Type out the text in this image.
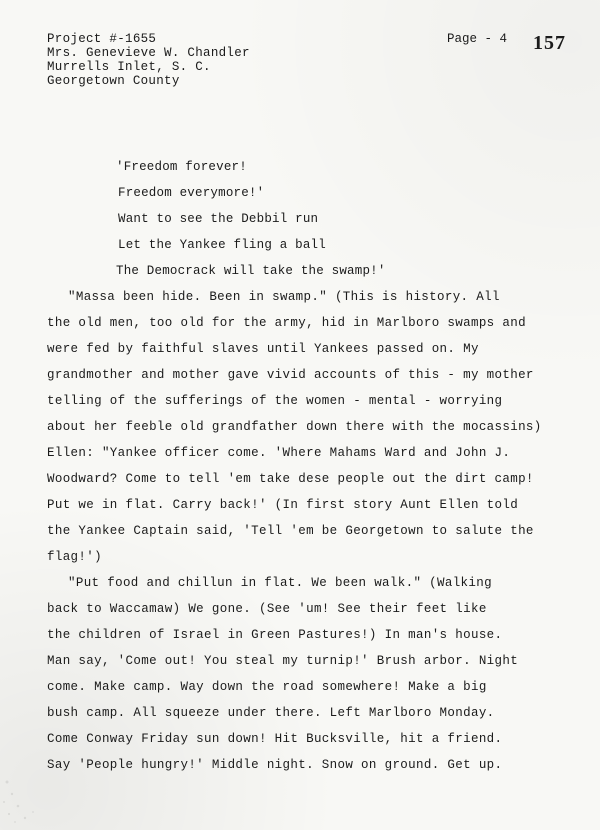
Project #-1655
Mrs. Genevieve W. Chandler
Murrells Inlet, S. C.
Georgetown County
Page - 4 157
'Freedom forever!
Freedom everymore!'
Want to see the Debbil run
Let the Yankee fling a ball
The Democrack will take the swamp!'
"Massa been hide. Been in swamp." (This is history. All
the old men, too old for the army, hid in Marlboro swamps and
were fed by faithful slaves until Yankees passed on. My
grandmother and mother gave vivid accounts of this - my mother
telling of the sufferings of the women - mental - worrying
about her feeble old grandfather down there with the mocassins)
Ellen: "Yankee officer come. 'Where Mahams Ward and John J.
Woodward? Come to tell 'em take dese people out the dirt camp!
Put we in flat. Carry back!' (In first story Aunt Ellen told
the Yankee Captain said, 'Tell 'em be Georgetown to salute the
flag!')
"Put food and chillun in flat. We been walk." (Walking
back to Waccamaw) We gone. (See 'um! See their feet like
the children of Israel in Green Pastures!) In man's house.
Man say, 'Come out! You steal my turnip!' Brush arbor. Night
come. Make camp. Way down the road somewhere! Make a big
bush camp. All squeeze under there. Left Marlboro Monday.
Come Conway Friday sun down! Hit Bucksville, hit a friend.
Say 'People hungry!' Middle night. Snow on ground. Get up.
